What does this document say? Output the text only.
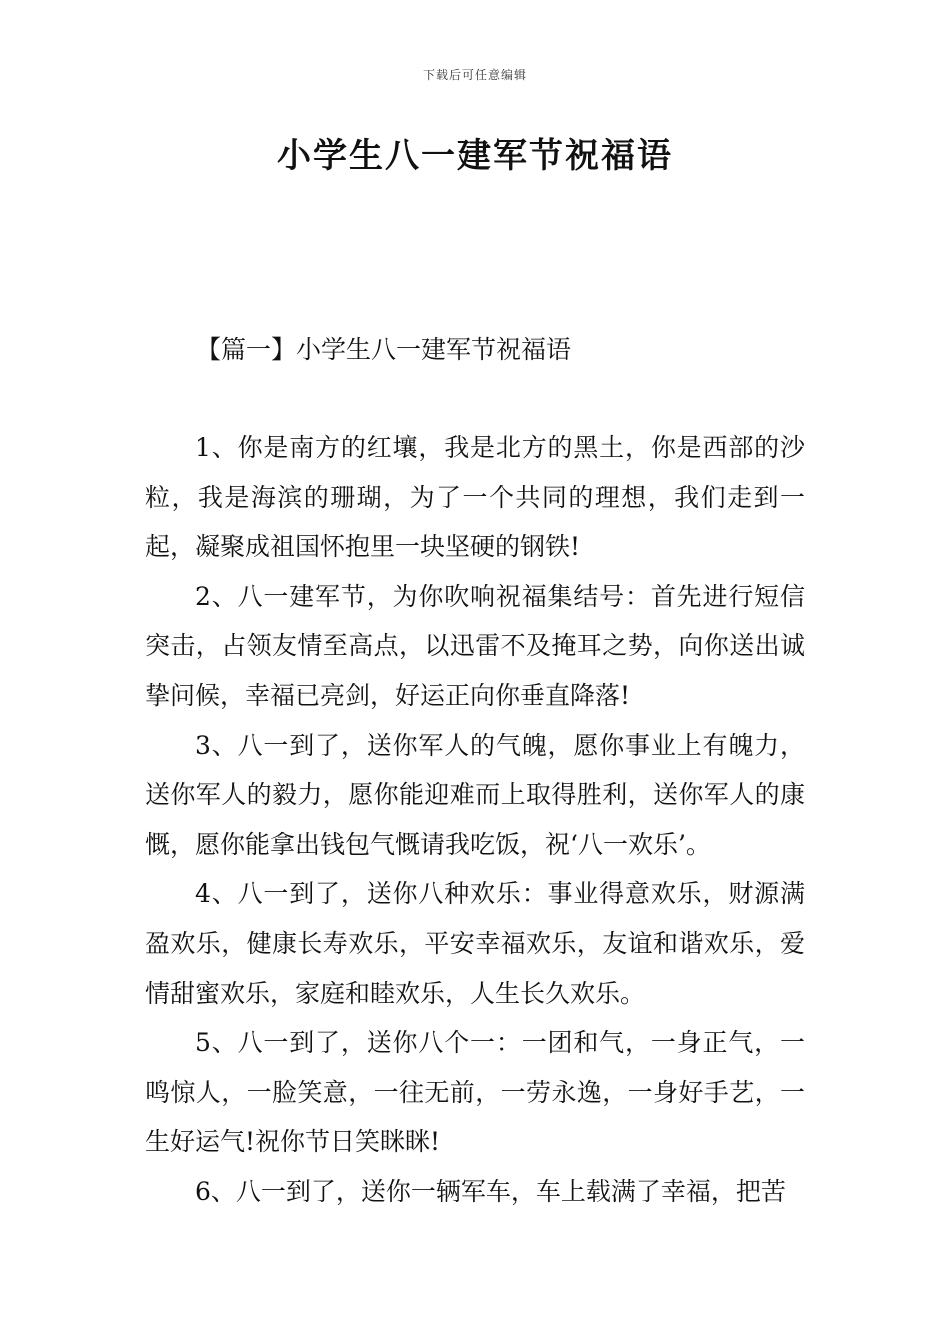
下载后可任意编辑
小学生八一建军节祝福语
【篇一】小学生八一建军节祝福语

1、你是南方的红壤，我是北方的黑土，你是西部的沙粒，我是海滨的珊瑚，为了一个共同的理想，我们走到一起，凝聚成祖国怀抱里一块坚硬的钢铁!

2、八一建军节，为你吹响祝福集结号：首先进行短信突击，占领友情至高点，以迅雷不及掩耳之势，向你送出诚挚问候，幸福已亮剑，好运正向你垂直降落!

3、八一到了，送你军人的气魄，愿你事业上有魄力，送你军人的毅力，愿你能迎难而上取得胜利，送你军人的康慨，愿你能拿出钱包气慨请我吃饭，祝‘八一欢乐’。

4、八一到了，送你八种欢乐：事业得意欢乐，财源满盈欢乐，健康长寿欢乐，平安幸福欢乐，友谊和谐欢乐，爱情甜蜜欢乐，家庭和睦欢乐，人生长久欢乐。

5、八一到了，送你八个一：一团和气，一身正气，一鸣惊人，一脸笑意，一往无前，一劳永逸，一身好手艺，一生好运气!祝你节日笑眯眯!

6、八一到了，送你一辆军车，车上载满了幸福，把苦
